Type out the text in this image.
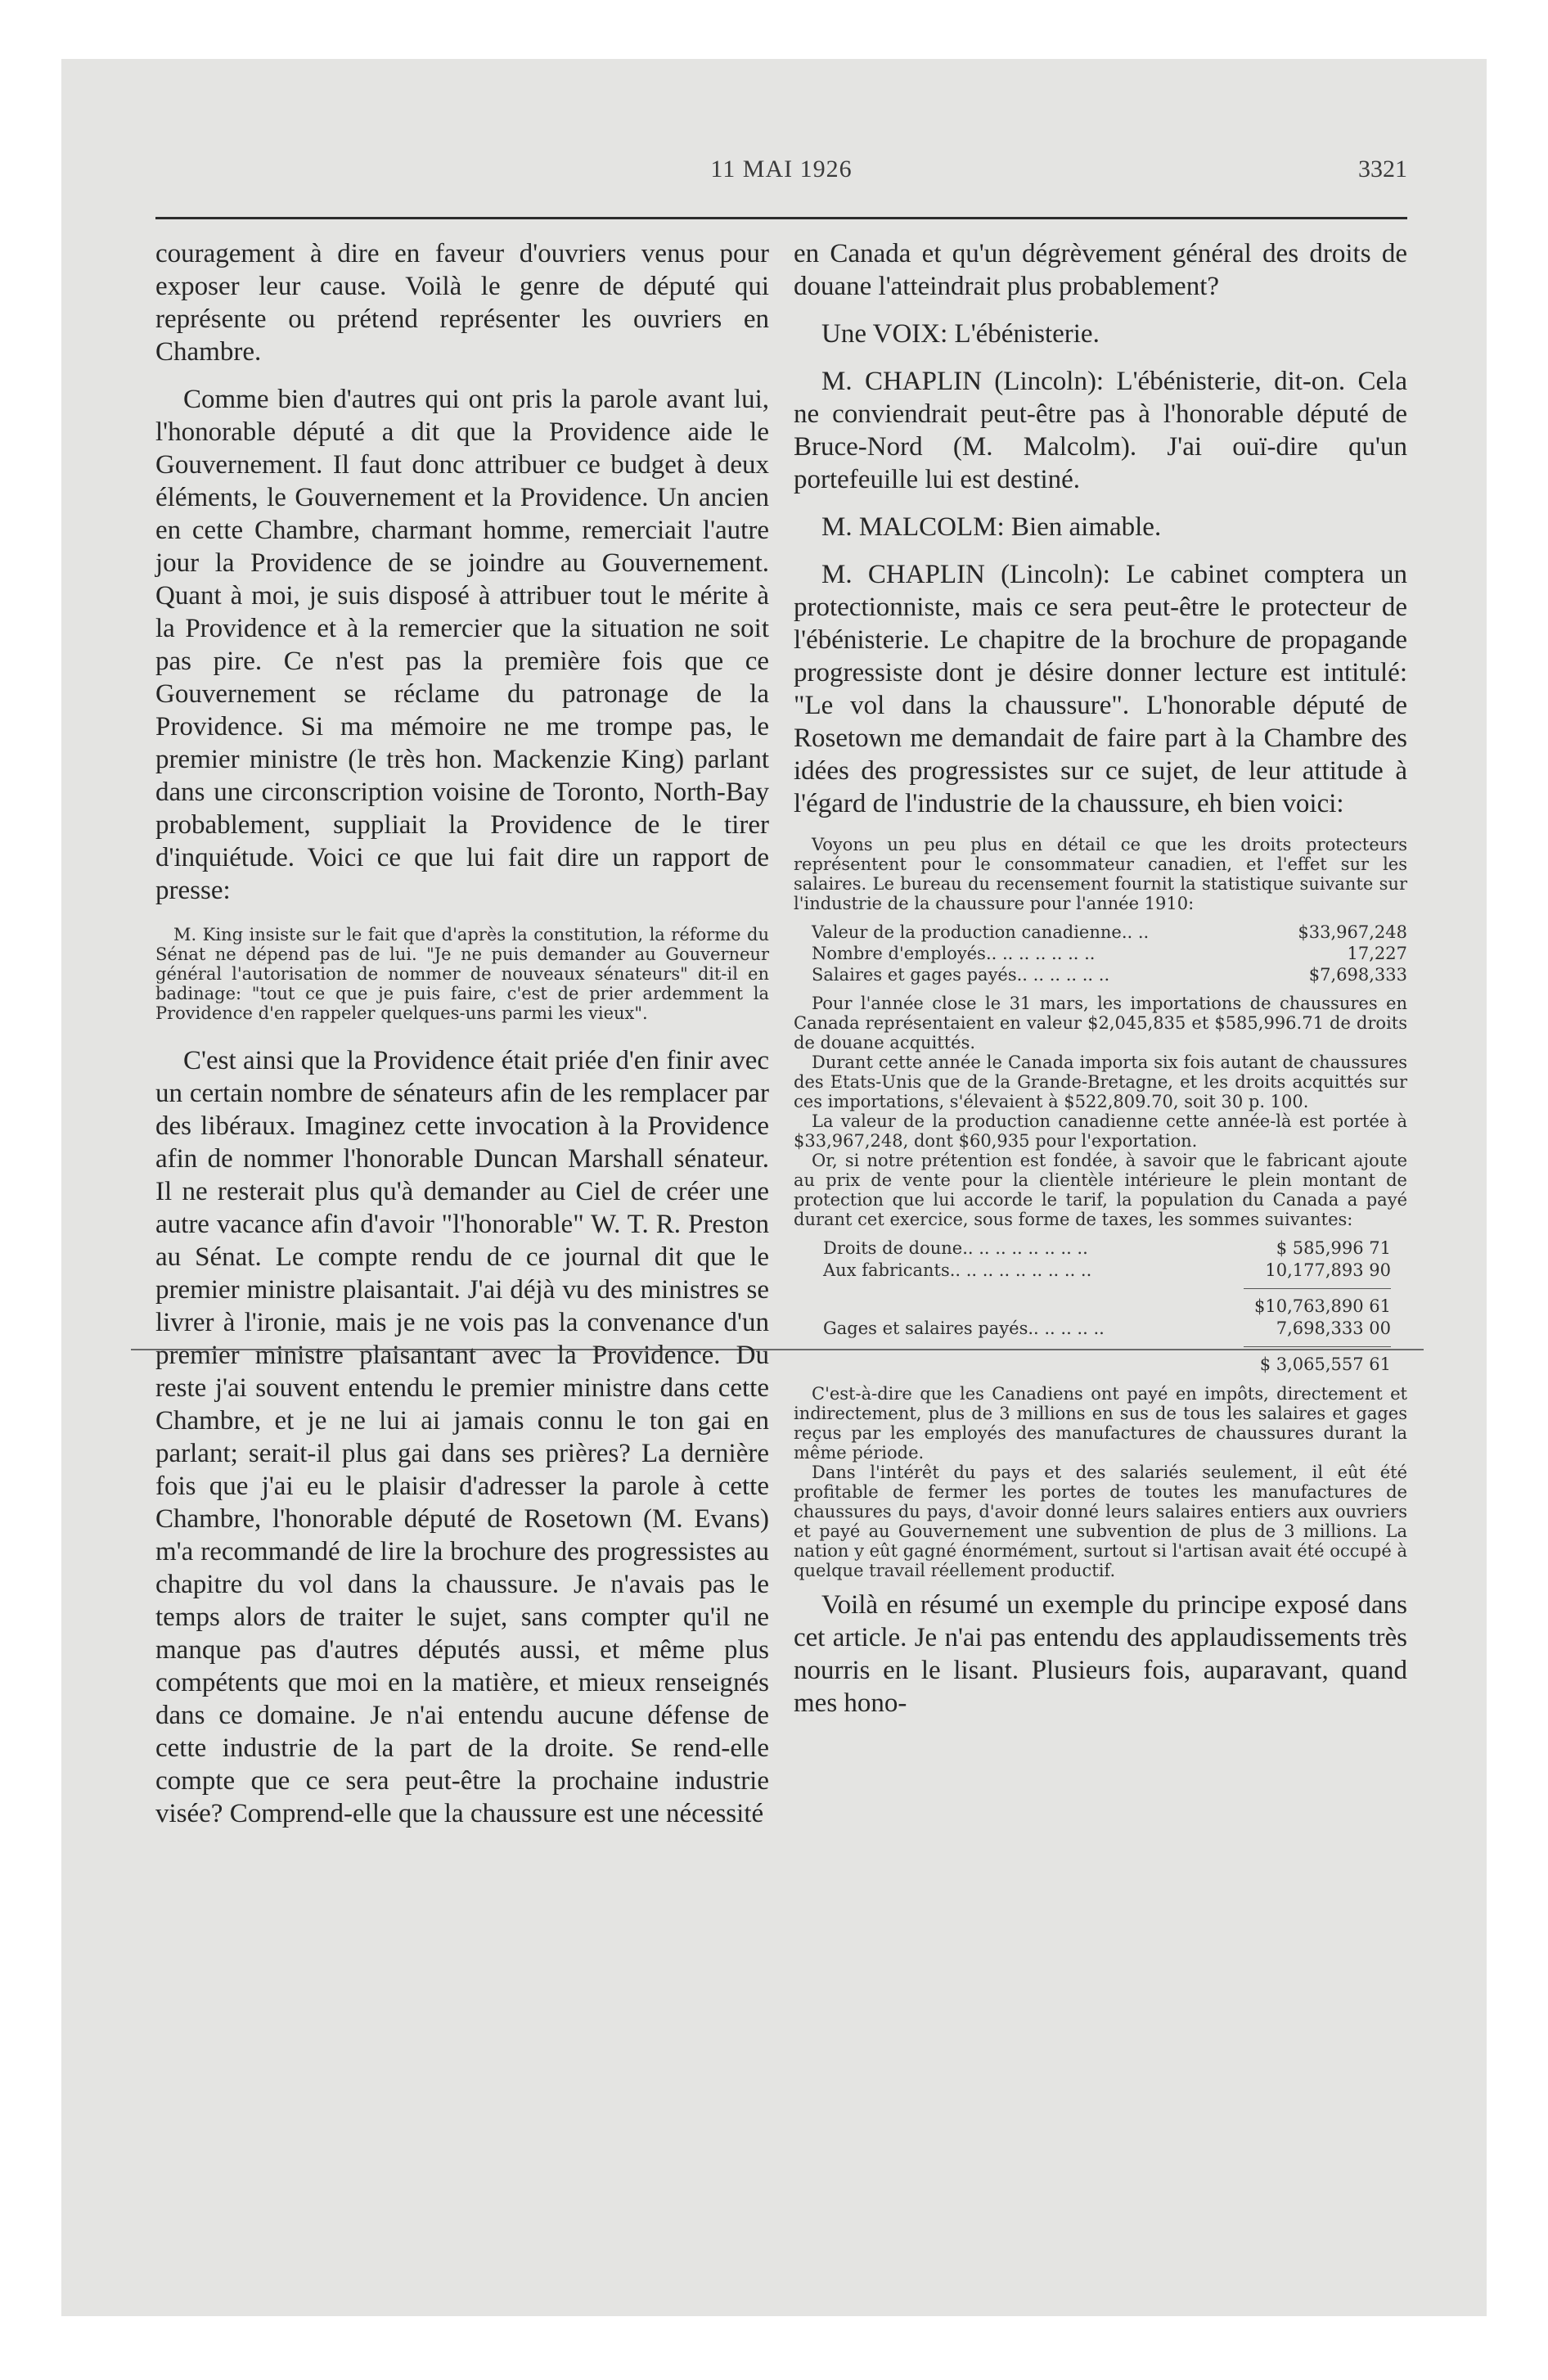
11 MAI 1926	3321

couragement à dire en faveur d'ouvriers venus pour exposer leur cause. Voilà le genre de député qui représente ou prétend représenter les ouvriers en Chambre.

Comme bien d'autres qui ont pris la parole avant lui, l'honorable député a dit que la Providence aide le Gouvernement. Il faut donc attribuer ce budget à deux éléments, le Gouvernement et la Providence. Un ancien en cette Chambre, charmant homme, remerciait l'autre jour la Providence de se joindre au Gouvernement. Quant à moi, je suis disposé à attribuer tout le mérite à la Providence et à la remercier que la situation ne soit pas pire. Ce n'est pas la première fois que ce Gouvernement se réclame du patronage de la Providence. Si ma mémoire ne me trompe pas, le premier ministre (le très hon. Mackenzie King) parlant dans une circonscription voisine de Toronto, North-Bay probablement, suppliait la Providence de le tirer d'inquiétude. Voici ce que lui fait dire un rapport de presse:

M. King insiste sur le fait que d'après la constitution, la réforme du Sénat ne dépend pas de lui. "Je ne puis demander au Gouverneur général l'autorisation de nommer de nouveaux sénateurs" dit-il en badinage: "tout ce que je puis faire, c'est de prier ardemment la Providence d'en rappeler quelques-uns parmi les vieux".

C'est ainsi que la Providence était priée d'en finir avec un certain nombre de sénateurs afin de les remplacer par des libéraux. Imaginez cette invocation à la Providence afin de nommer l'honorable Duncan Marshall sénateur. Il ne resterait plus qu'à demander au Ciel de créer une autre vacance afin d'avoir "l'honorable" W. T. R. Preston au Sénat. Le compte rendu de ce journal dit que le premier ministre plaisantait. J'ai déjà vu des ministres se livrer à l'ironie, mais je ne vois pas la convenance d'un premier ministre plaisantant avec la Providence. Du reste j'ai souvent entendu le premier ministre dans cette Chambre, et je ne lui ai jamais connu le ton gai en parlant; serait-il plus gai dans ses prières? La dernière fois que j'ai eu le plaisir d'adresser la parole à cette Chambre, l'honorable député de Rosetown (M. Evans) m'a recommandé de lire la brochure des progressistes au chapitre du vol dans la chaussure. Je n'avais pas le temps alors de traiter le sujet, sans compter qu'il ne manque pas d'autres députés aussi, et même plus compétents que moi en la matière, et mieux renseignés dans ce domaine. Je n'ai entendu aucune défense de cette industrie de la part de la droite. Se rend-elle compte que ce sera peut-être la prochaine industrie visée? Comprend-elle que la chaussure est une nécessité

en Canada et qu'un dégrèvement général des droits de douane l'atteindrait plus probablement?

Une VOIX: L'ébénisterie.

M. CHAPLIN (Lincoln): L'ébénisterie, dit-on. Cela ne conviendrait peut-être pas à l'honorable député de Bruce-Nord (M. Malcolm). J'ai ouï-dire qu'un portefeuille lui est destiné.

M. MALCOLM: Bien aimable.

M. CHAPLIN (Lincoln): Le cabinet comptera un protectionniste, mais ce sera peut-être le protecteur de l'ébénisterie. Le chapitre de la brochure de propagande progressiste dont je désire donner lecture est intitulé: "Le vol dans la chaussure". L'honorable député de Rosetown me demandait de faire part à la Chambre des idées des progressistes sur ce sujet, de leur attitude à l'égard de l'industrie de la chaussure, eh bien voici:

Voyons un peu plus en détail ce que les droits protecteurs représentent pour le consommateur canadien, et l'effet sur les salaires. Le bureau du recensement fournit la statistique suivante sur l'industrie de la chaussure pour l'année 1910:

Valeur de la production canadienne.. ..	$33,967,248
Nombre d'employés.. .. .. .. .. .. ..	17,227
Salaires et gages payés.. .. .. .. .. ..	$7,698,333

Pour l'année close le 31 mars, les importations de chaussures en Canada représentaient en valeur $2,045,835 et $585,996.71 de droits de douane acquittés.

Durant cette année le Canada importa six fois autant de chaussures des Etats-Unis que de la Grande-Bretagne, et les droits acquittés sur ces importations, s'élevaient à $522,809.70, soit 30 p. 100.

La valeur de la production canadienne cette année-là est portée à $33,967,248, dont $60,935 pour l'exportation.

Or, si notre prétention est fondée, à savoir que le fabricant ajoute au prix de vente pour la clientèle intérieure le plein montant de protection que lui accorde le tarif, la population du Canada a payé durant cet exercice, sous forme de taxes, les sommes suivantes:

Droits de doune.. .. .. .. .. .. .. ..	$ 585,996 71
Aux fabricants.. .. .. .. .. .. .. .. ..	10,177,893 90
$10,763,890 61
Gages et salaires payés.. .. .. .. ..	7,698,333 00
$ 3,065,557 61

C'est-à-dire que les Canadiens ont payé en impôts, directement et indirectement, plus de 3 millions en sus de tous les salaires et gages reçus par les employés des manufactures de chaussures durant la même période.

Dans l'intérêt du pays et des salariés seulement, il eût été profitable de fermer les portes de toutes les manufactures de chaussures du pays, d'avoir donné leurs salaires entiers aux ouvriers et payé au Gouvernement une subvention de plus de 3 millions. La nation y eût gagné énormément, surtout si l'artisan avait été occupé à quelque travail réellement productif.

Voilà en résumé un exemple du principe exposé dans cet article. Je n'ai pas entendu des applaudissements très nourris en le lisant. Plusieurs fois, auparavant, quand mes hono-
